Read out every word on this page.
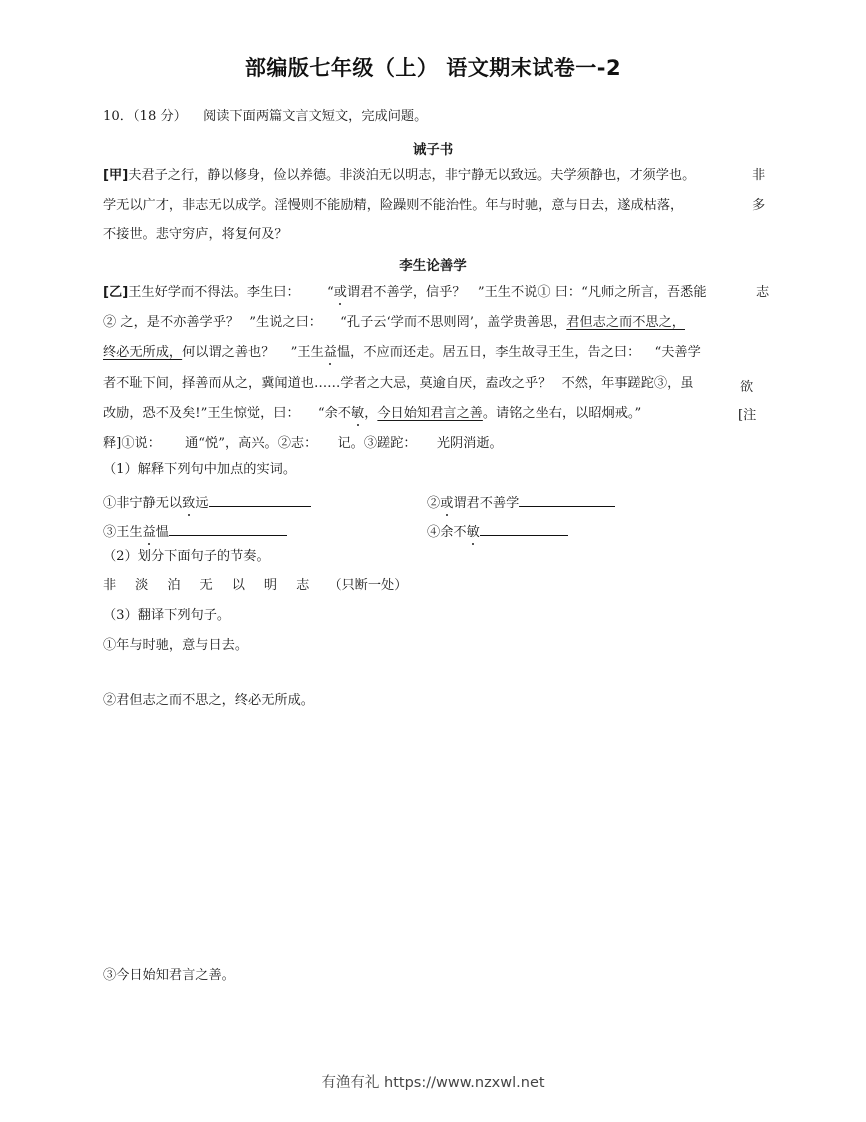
部编版七年级（上） 语文期末试卷一-2
10．（18 分） 阅读下面两篇文言文短文，完成问题。
诫子书
[甲]夫君子之行，静以修身，俭以养德。非淡泊无以明志，非宁静无以致远。夫学须静也，才须学也。	非
学无以广才，非志无以成学。淫慢则不能励精，险躁则不能治性。年与时驰，意与日去，遂成枯落，	多
不接世。悲守穷庐，将复何及？
李生论善学
[乙]王生好学而不得法。李生曰： “或谓君不善学，信乎？ ”王生不说① 曰：“凡师之所言，吾悉能	志
② 之，是不亦善学乎？ ”生说之曰： “孔子云‘学而不思则罔’，盖学贵善思，君但志之而不思之，
终必无所成，何以谓之善也？ ”王生益愠，不应而还走。居五日，李生故寻王生，告之曰： “夫善学
者不耻下间，择善而从之，冀闻道也……学者之大忌，莫逾自厌，盍改之乎？ 不然，年事蹉跎③，虽	欲
改励，恐不及矣!”王生惊觉，曰： “余不敏，今日始知君言之善。请铭之坐右，以昭炯戒。”	[注
释]①说： 通“悦”，高兴。②志： 记。③蹉跎： 光阴消逝。
（1）解释下列句中加点的实词。
①非宁静无以致远	②或谓君不善学
③王生益愠	④余不敏
（2）划分下面句子的节奏。
非淡泊无以明志（只断一处）
（3）翻译下列句子。
①年与时驰，意与日去。
②君但志之而不思之，终必无所成。
③今日始知君言之善。
有渔有礼 https://www.nzxwl.net
